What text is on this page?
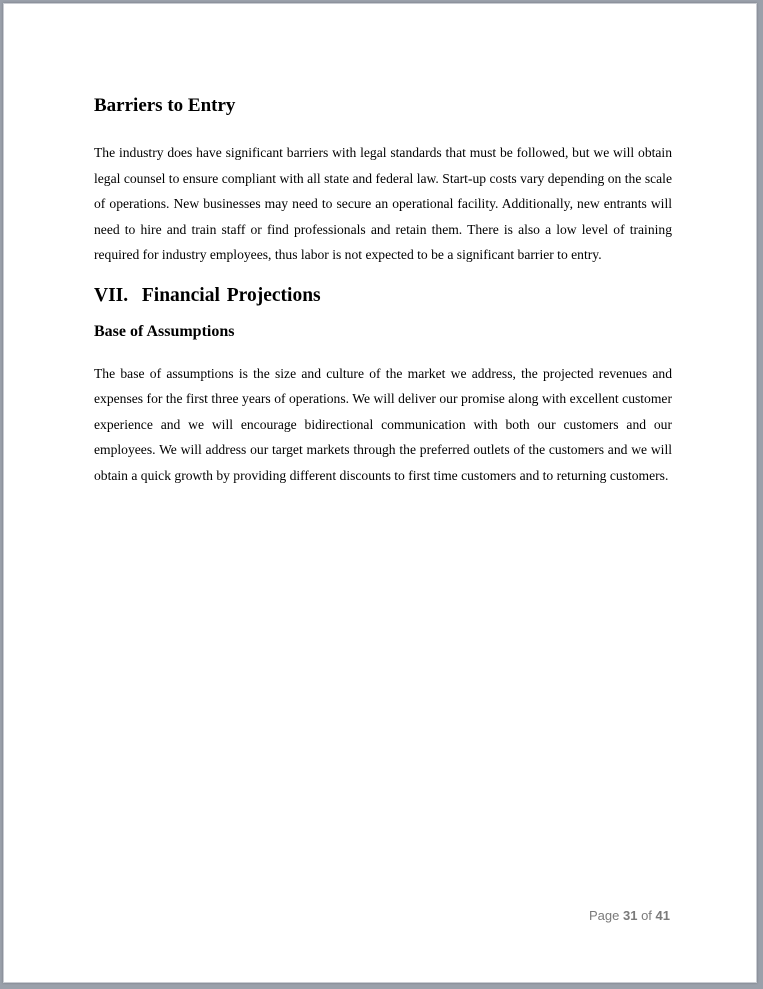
Barriers to Entry

The industry does have significant barriers with legal standards that must be followed, but we will obtain legal counsel to ensure compliant with all state and federal law. Start-up costs vary depending on the scale of operations. New businesses may need to secure an operational facility. Additionally, new entrants will need to hire and train staff or find professionals and retain them. There is also a low level of training required for industry employees, thus labor is not expected to be a significant barrier to entry.

VII.  Financial Projections
Base of Assumptions

The base of assumptions is the size and culture of the market we address, the projected revenues and expenses for the first three years of operations. We will deliver our promise along with excellent customer experience and we will encourage bidirectional communication with both our customers and our employees. We will address our target markets through the preferred outlets of the customers and we will obtain a quick growth by providing different discounts to first time customers and to returning customers.

Page 31 of 41
